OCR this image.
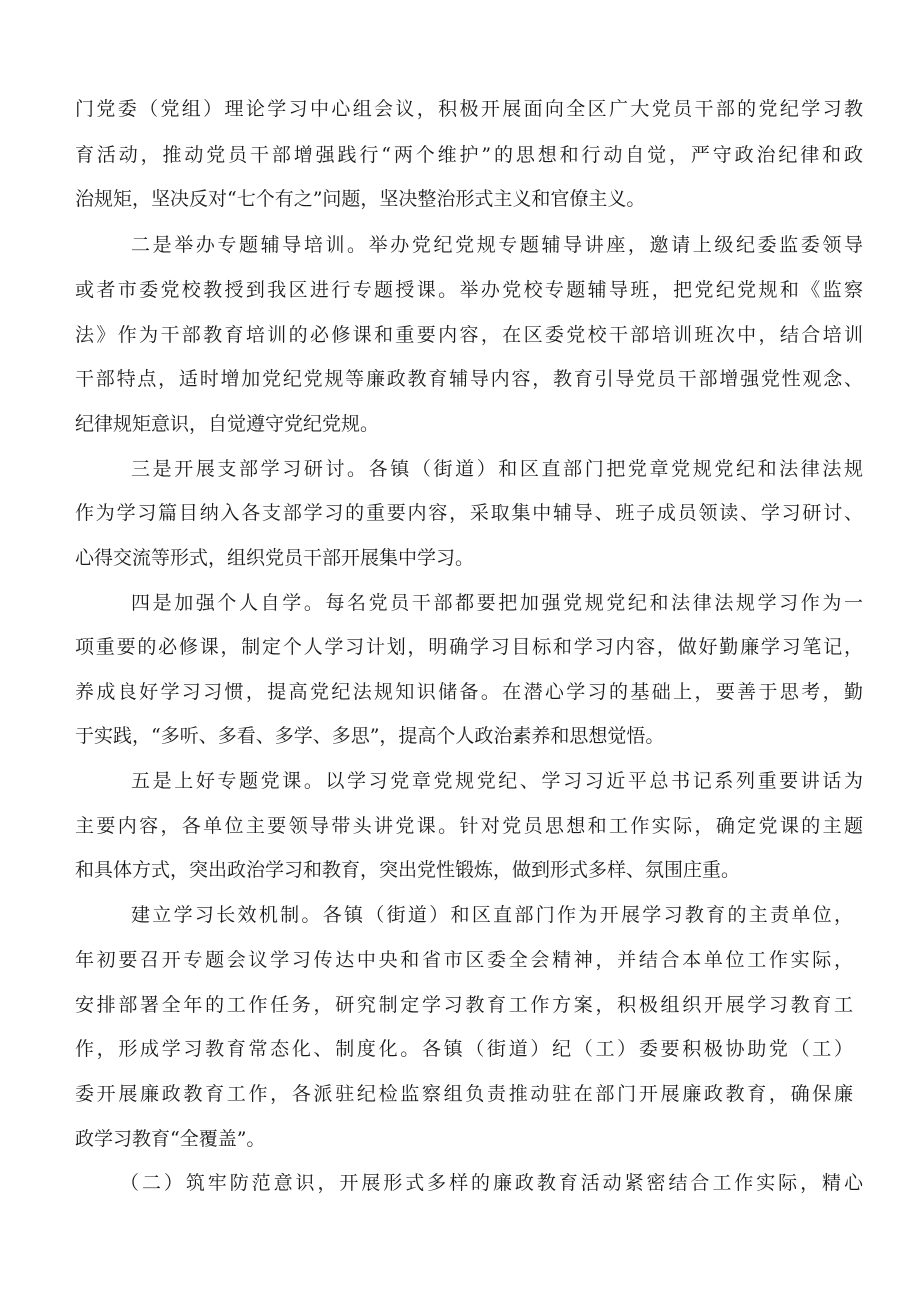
门党委（党组）理论学习中心组会议，积极开展面向全区广大党员干部的党纪学习教

育活动，推动党员干部增强践行“两个维护”的思想和行动自觉，严守政治纪律和政

治规矩，坚决反对“七个有之”问题，坚决整治形式主义和官僚主义。

二是举办专题辅导培训。举办党纪党规专题辅导讲座，邀请上级纪委监委领导

或者市委党校教授到我区进行专题授课。举办党校专题辅导班，把党纪党规和《监察

法》作为干部教育培训的必修课和重要内容，在区委党校干部培训班次中，结合培训

干部特点，适时增加党纪党规等廉政教育辅导内容，教育引导党员干部增强党性观念、

纪律规矩意识，自觉遵守党纪党规。

三是开展支部学习研讨。各镇（街道）和区直部门把党章党规党纪和法律法规

作为学习篇目纳入各支部学习的重要内容，采取集中辅导、班子成员领读、学习研讨、

心得交流等形式，组织党员干部开展集中学习。

四是加强个人自学。每名党员干部都要把加强党规党纪和法律法规学习作为一

项重要的必修课，制定个人学习计划，明确学习目标和学习内容，做好勤廉学习笔记，

养成良好学习习惯，提高党纪法规知识储备。在潜心学习的基础上，要善于思考，勤

于实践，“多听、多看、多学、多思”，提高个人政治素养和思想觉悟。

五是上好专题党课。以学习党章党规党纪、学习习近平总书记系列重要讲话为

主要内容，各单位主要领导带头讲党课。针对党员思想和工作实际，确定党课的主题

和具体方式，突出政治学习和教育，突出党性锻炼，做到形式多样、氛围庄重。

建立学习长效机制。各镇（街道）和区直部门作为开展学习教育的主责单位，

年初要召开专题会议学习传达中央和省市区委全会精神，并结合本单位工作实际，

安排部署全年的工作任务，研究制定学习教育工作方案，积极组织开展学习教育工

作，形成学习教育常态化、制度化。各镇（街道）纪（工）委要积极协助党（工）

委开展廉政教育工作，各派驻纪检监察组负责推动驻在部门开展廉政教育，确保廉

政学习教育“全覆盖”。

（二）筑牢防范意识，开展形式多样的廉政教育活动紧密结合工作实际，精心
